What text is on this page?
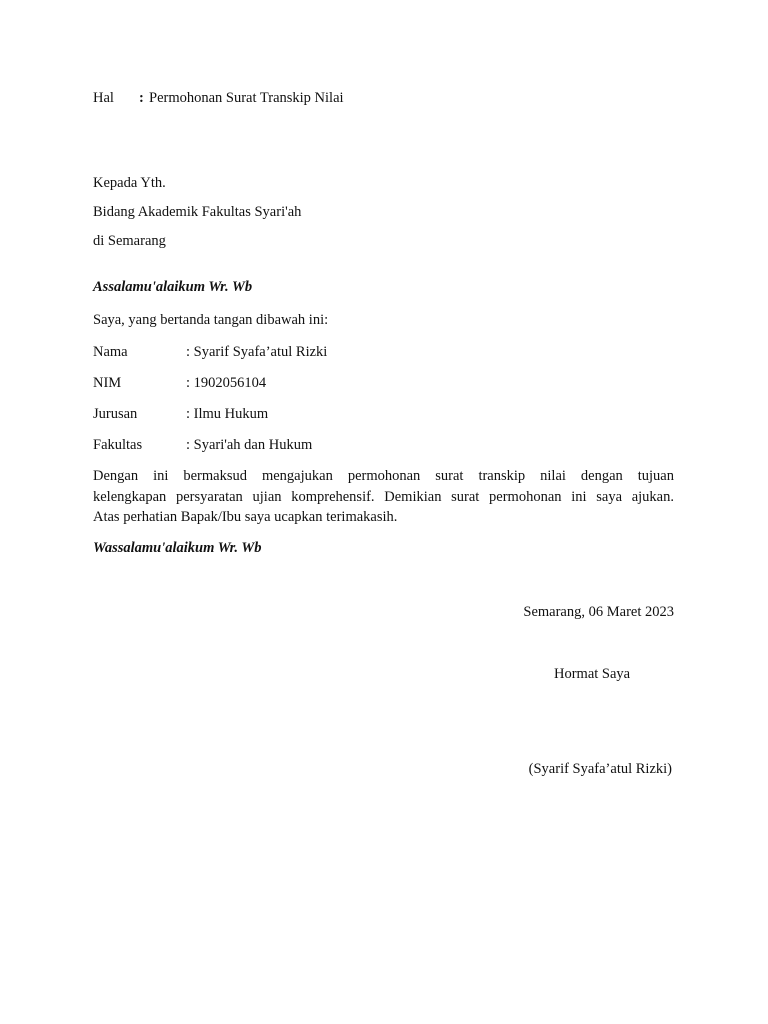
Hal : Permohonan Surat Transkip Nilai
Kepada Yth.
Bidang Akademik Fakultas Syari'ah
di Semarang
Assalamu'alaikum Wr. Wb
Saya, yang bertanda tangan dibawah ini:
Nama	: Syarif Syafa’atul Rizki
NIM	: 1902056104
Jurusan	: Ilmu Hukum
Fakultas	: Syari'ah dan Hukum
Dengan ini bermaksud mengajukan permohonan surat transkip nilai dengan tujuan
kelengkapan persyaratan ujian komprehensif. Demikian surat permohonan ini saya ajukan.
Atas perhatian Bapak/Ibu saya ucapkan terimakasih.
Wassalamu'alaikum Wr. Wb
Semarang, 06 Maret 2023
Hormat Saya
(Syarif Syafa’atul Rizki)
